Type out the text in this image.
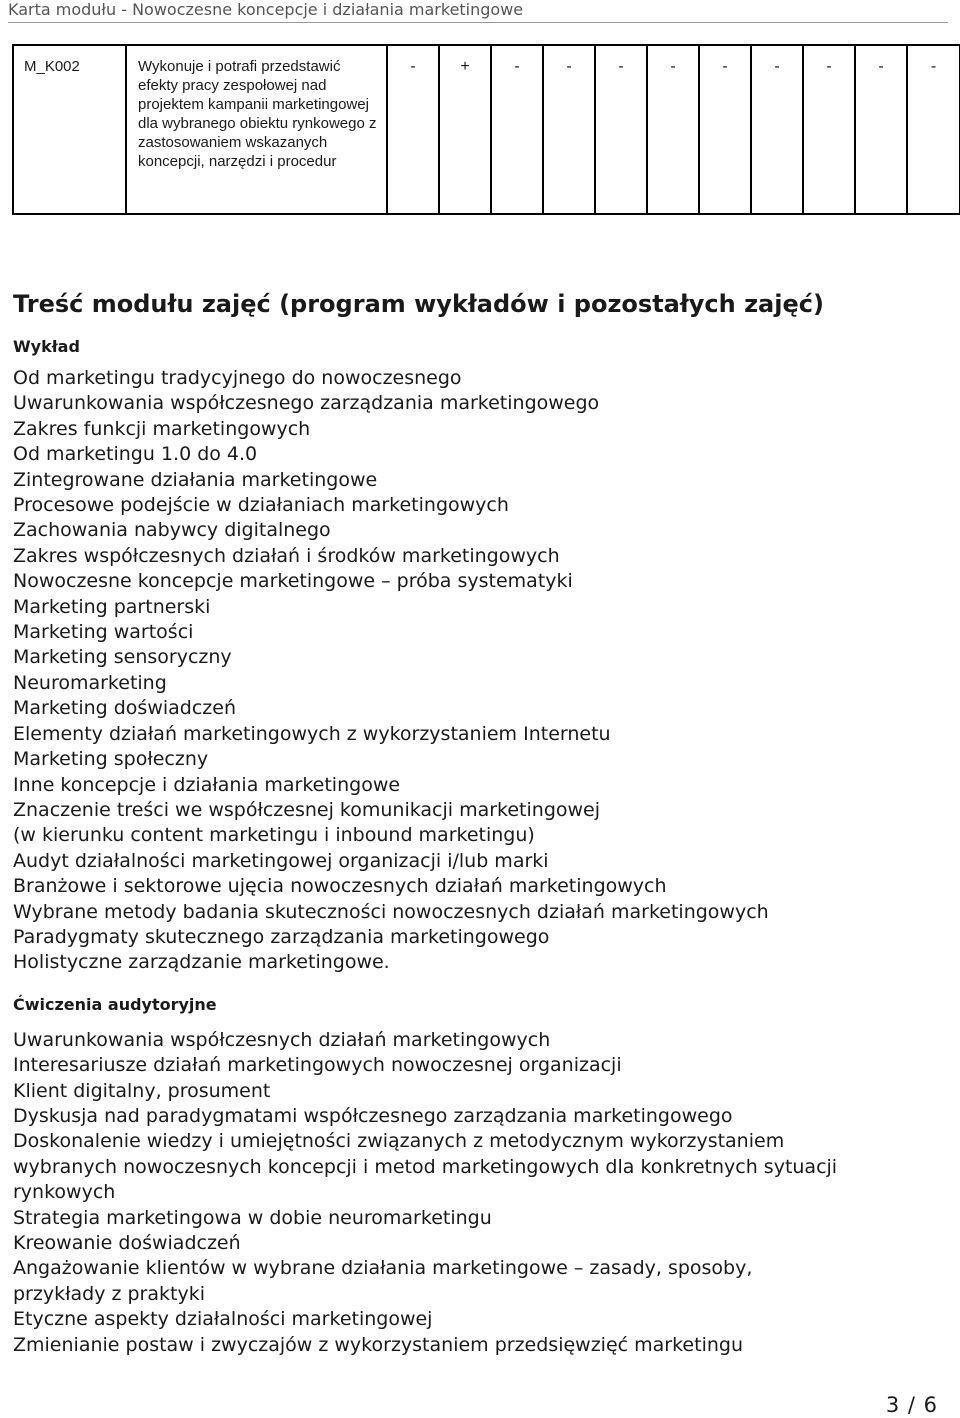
Karta modułu - Nowoczesne koncepcje i działania marketingowe
M_K002	Wykonuje i potrafi przedstawić efekty pracy zespołowej nad projektem kampanii marketingowej dla wybranego obiektu rynkowego z zastosowaniem wskazanych koncepcji, narzędzi i procedur	-	+	-	-	-	-	-	-	-	-	-
Treść modułu zajęć (program wykładów i pozostałych zajęć)
Wykład
Od marketingu tradycyjnego do nowoczesnego
Uwarunkowania współczesnego zarządzania marketingowego
Zakres funkcji marketingowych
Od marketingu 1.0 do 4.0
Zintegrowane działania marketingowe
Procesowe podejście w działaniach marketingowych
Zachowania nabywcy digitalnego
Zakres współczesnych działań i środków marketingowych
Nowoczesne koncepcje marketingowe – próba systematyki
Marketing partnerski
Marketing wartości
Marketing sensoryczny
Neuromarketing
Marketing doświadczeń
Elementy działań marketingowych z wykorzystaniem Internetu
Marketing społeczny
Inne koncepcje i działania marketingowe
Znaczenie treści we współczesnej komunikacji marketingowej
(w kierunku content marketingu i inbound marketingu)
Audyt działalności marketingowej organizacji i/lub marki
Branżowe i sektorowe ujęcia nowoczesnych działań marketingowych
Wybrane metody badania skuteczności nowoczesnych działań marketingowych
Paradygmaty skutecznego zarządzania marketingowego
Holistyczne zarządzanie marketingowe.
Ćwiczenia audytoryjne
Uwarunkowania współczesnych działań marketingowych
Interesariusze działań marketingowych nowoczesnej organizacji
Klient digitalny, prosument
Dyskusja nad paradygmatami współczesnego zarządzania marketingowego
Doskonalenie wiedzy i umiejętności związanych z metodycznym wykorzystaniem
wybranych nowoczesnych koncepcji i metod marketingowych dla konkretnych sytuacji
rynkowych
Strategia marketingowa w dobie neuromarketingu
Kreowanie doświadczeń
Angażowanie klientów w wybrane działania marketingowe – zasady, sposoby,
przykłady z praktyki
Etyczne aspekty działalności marketingowej
Zmienianie postaw i zwyczajów z wykorzystaniem przedsięwzięć marketingu
3 / 6
